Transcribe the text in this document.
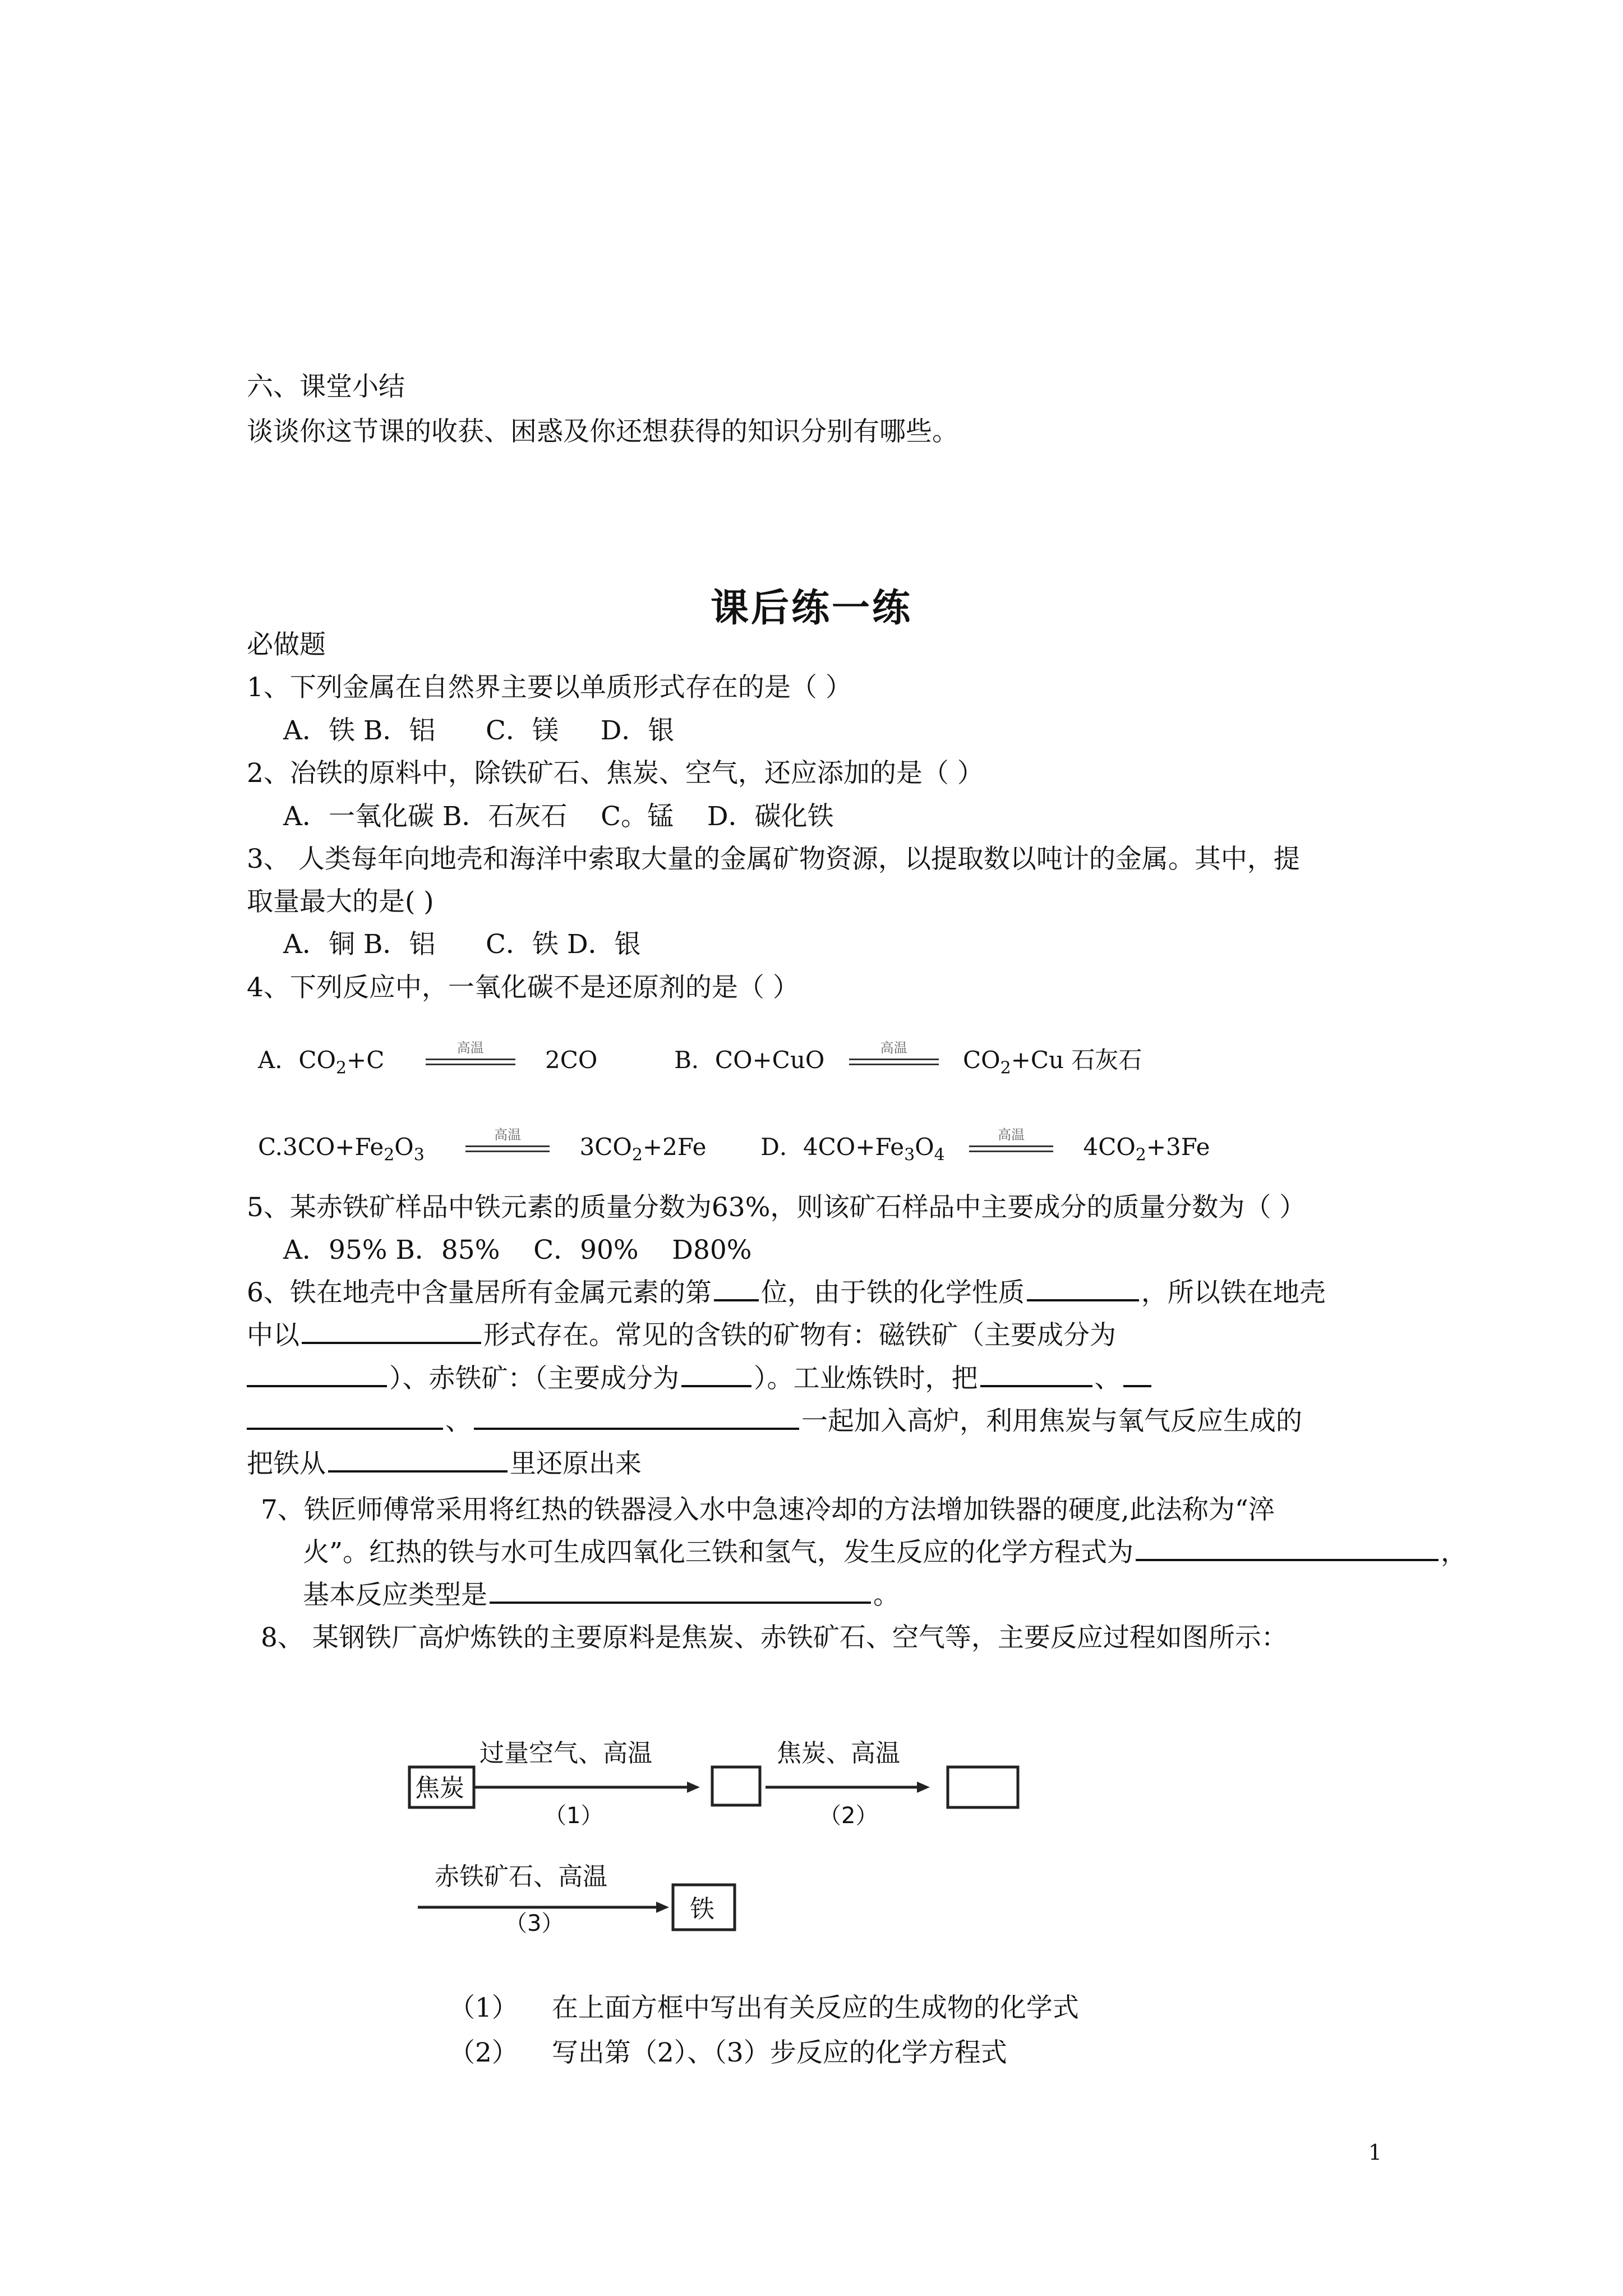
六、课堂小结
谈谈你这节课的收获、困惑及你还想获得的知识分别有哪些。
课后练一练
必做题
1、下列金属在自然界主要以单质形式存在的是（ ）
A．铁 B．铝      C．镁     D．银
2、冶铁的原料中，除铁矿石、焦炭、空气，还应添加的是（ ）
A．一氧化碳 B．石灰石    C。锰    D．碳化铁
3、 人类每年向地壳和海洋中索取大量的金属矿物资源，以提取数以吨计的金属。其中，提
取量最大的是( )
A．铜 B．铝      C．铁 D．银
4、下列反应中，一氧化碳不是还原剂的是（ ）
A．$CO_2+C$	高温	2CO	B．CO+CuO	高温	$CO_2+Cu$ 石灰石
$C.3CO+Fe_2O_3$
高温	$3CO_2+2Fe$ D．$4CO+Fe_3O_4$
高温	$4CO_2+3Fe$
5、某赤铁矿样品中铁元素的质量分数为63%，则该矿石样品中主要成分的质量分数为（ ）
A．95% B．85%    C．90%    D80%
6、铁在地壳中含量居所有金属元素的第 位，由于铁的化学性质	，所以铁在地壳
中以	形式存在。常见的含铁的矿物有：磁铁矿（主要成分为
）、赤铁矿：（主要成分为	）。工业炼铁时，把	、
、	一起加入高炉，利用焦炭与氧气反应生成的
把铁从	里还原出来
7、铁匠师傅常采用将红热的铁器浸入水中急速冷却的方法增加铁器的硬度,此法称为“淬
火”。红热的铁与水可生成四氧化三铁和氢气，发生反应的化学方程式为	，
基本反应类型是	。
8、 某钢铁厂高炉炼铁的主要原料是焦炭、赤铁矿石、空气等，主要反应过程如图所示：
焦炭
过量空气、高温
（1）
焦炭、高温
（2）
赤铁矿石、高温
（3）	铁
（1） 在上面方框中写出有关反应的生成物的化学式
（2） 写出第（2）、（3）步反应的化学方程式
1
